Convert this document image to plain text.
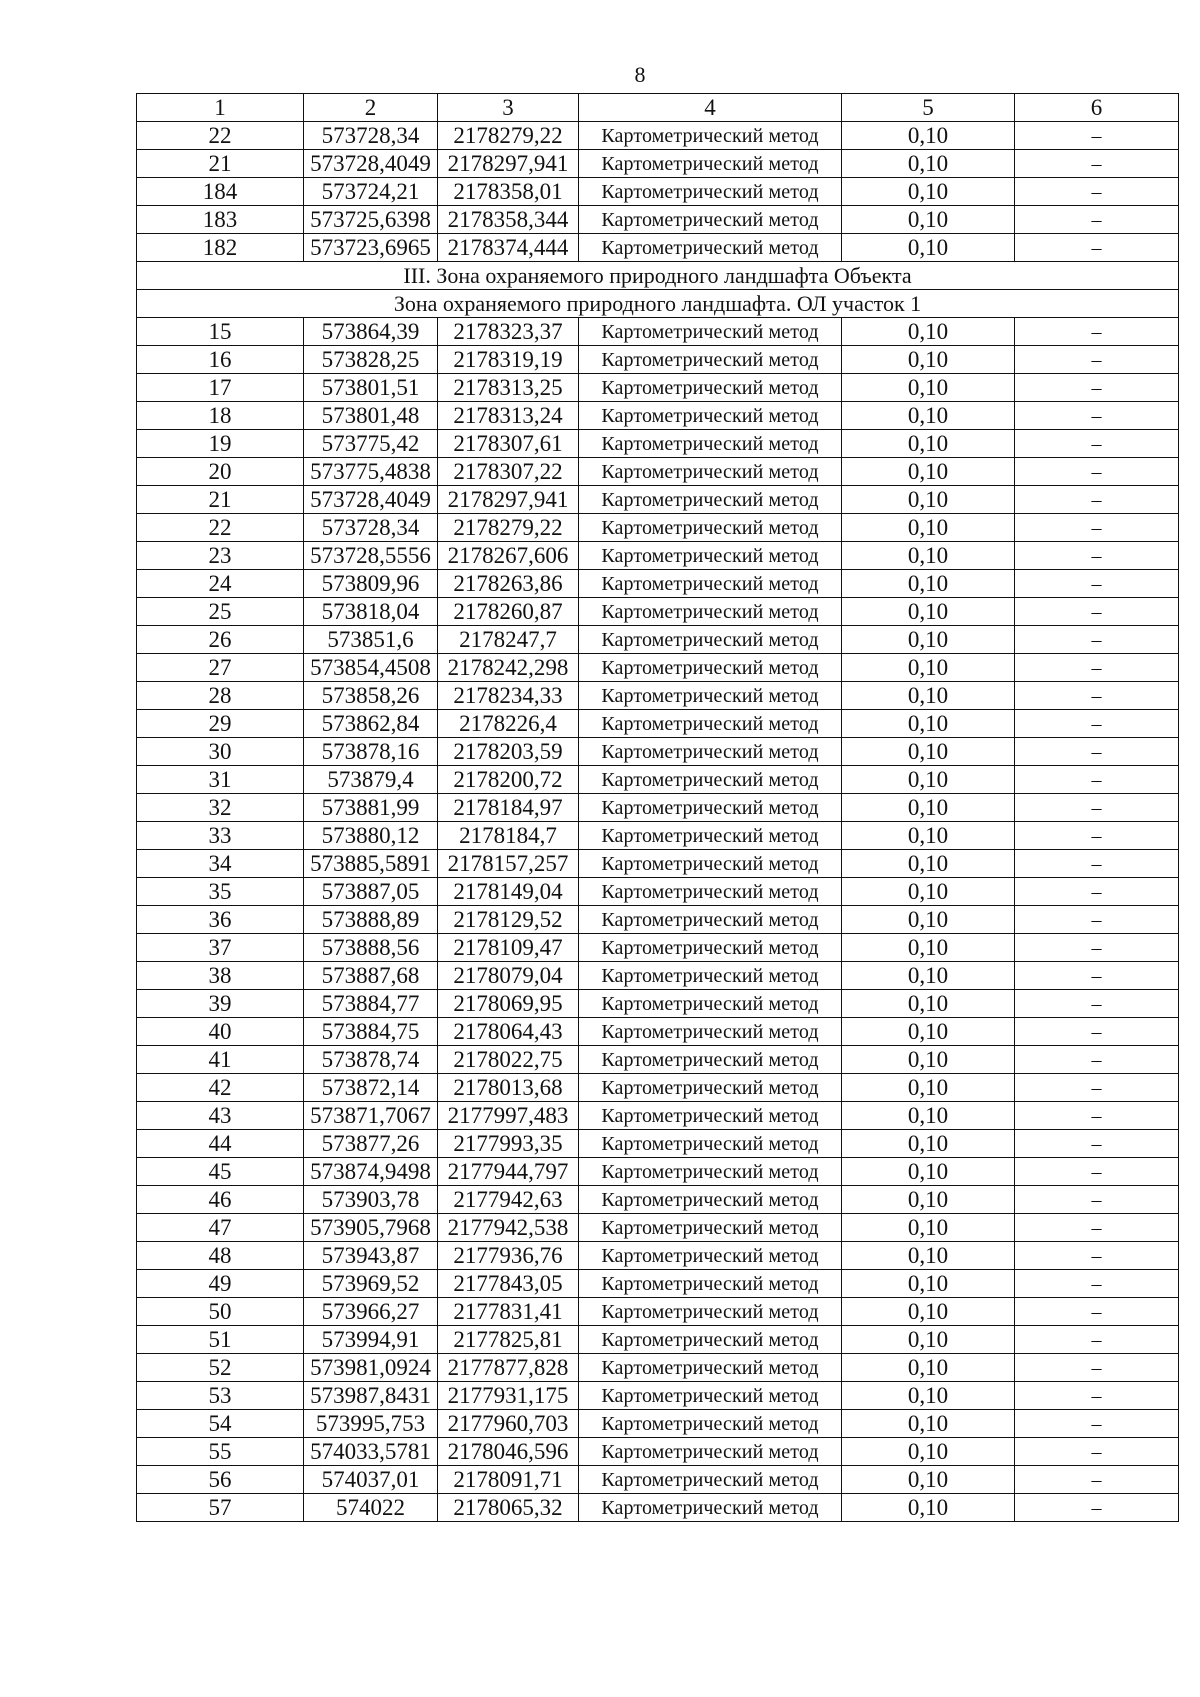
8
1	2	3	4	5	6
22	573728,34	2178279,22	Картометрический метод	0,10	–
21	573728,4049	2178297,941	Картометрический метод	0,10	–
184	573724,21	2178358,01	Картометрический метод	0,10	–
183	573725,6398	2178358,344	Картометрический метод	0,10	–
182	573723,6965	2178374,444	Картометрический метод	0,10	–
III. Зона охраняемого природного ландшафта Объекта					
Зона охраняемого природного ландшафта. ОЛ участок 1					
15	573864,39	2178323,37	Картометрический метод	0,10	–
16	573828,25	2178319,19	Картометрический метод	0,10	–
17	573801,51	2178313,25	Картометрический метод	0,10	–
18	573801,48	2178313,24	Картометрический метод	0,10	–
19	573775,42	2178307,61	Картометрический метод	0,10	–
20	573775,4838	2178307,22	Картометрический метод	0,10	–
21	573728,4049	2178297,941	Картометрический метод	0,10	–
22	573728,34	2178279,22	Картометрический метод	0,10	–
23	573728,5556	2178267,606	Картометрический метод	0,10	–
24	573809,96	2178263,86	Картометрический метод	0,10	–
25	573818,04	2178260,87	Картометрический метод	0,10	–
26	573851,6	2178247,7	Картометрический метод	0,10	–
27	573854,4508	2178242,298	Картометрический метод	0,10	–
28	573858,26	2178234,33	Картометрический метод	0,10	–
29	573862,84	2178226,4	Картометрический метод	0,10	–
30	573878,16	2178203,59	Картометрический метод	0,10	–
31	573879,4	2178200,72	Картометрический метод	0,10	–
32	573881,99	2178184,97	Картометрический метод	0,10	–
33	573880,12	2178184,7	Картометрический метод	0,10	–
34	573885,5891	2178157,257	Картометрический метод	0,10	–
35	573887,05	2178149,04	Картометрический метод	0,10	–
36	573888,89	2178129,52	Картометрический метод	0,10	–
37	573888,56	2178109,47	Картометрический метод	0,10	–
38	573887,68	2178079,04	Картометрический метод	0,10	–
39	573884,77	2178069,95	Картометрический метод	0,10	–
40	573884,75	2178064,43	Картометрический метод	0,10	–
41	573878,74	2178022,75	Картометрический метод	0,10	–
42	573872,14	2178013,68	Картометрический метод	0,10	–
43	573871,7067	2177997,483	Картометрический метод	0,10	–
44	573877,26	2177993,35	Картометрический метод	0,10	–
45	573874,9498	2177944,797	Картометрический метод	0,10	–
46	573903,78	2177942,63	Картометрический метод	0,10	–
47	573905,7968	2177942,538	Картометрический метод	0,10	–
48	573943,87	2177936,76	Картометрический метод	0,10	–
49	573969,52	2177843,05	Картометрический метод	0,10	–
50	573966,27	2177831,41	Картометрический метод	0,10	–
51	573994,91	2177825,81	Картометрический метод	0,10	–
52	573981,0924	2177877,828	Картометрический метод	0,10	–
53	573987,8431	2177931,175	Картометрический метод	0,10	–
54	573995,753	2177960,703	Картометрический метод	0,10	–
55	574033,5781	2178046,596	Картометрический метод	0,10	–
56	574037,01	2178091,71	Картометрический метод	0,10	–
57	574022	2178065,32	Картометрический метод	0,10	–
